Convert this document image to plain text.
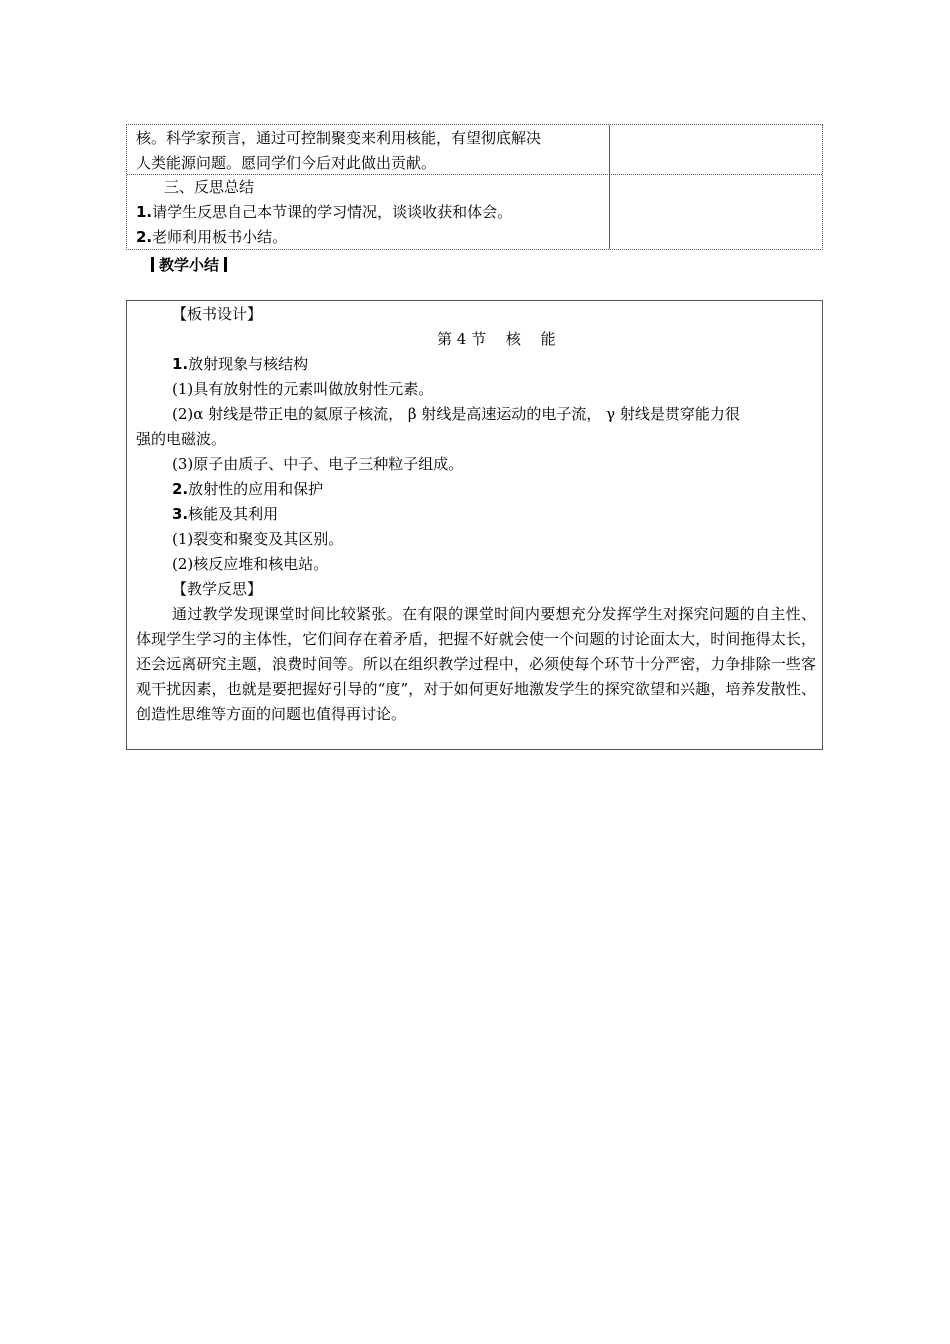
核。科学家预言，通过可控制聚变来利用核能，有望彻底解决
人类能源问题。愿同学们今后对此做出贡献。
三、反思总结
1.请学生反思自己本节课的学习情况，谈谈收获和体会。
2.老师利用板书小结。
教学小结
【板书设计】
第 4 节　 核　 能
1.放射现象与核结构
(1)具有放射性的元素叫做放射性元素。
(2)α 射线是带正电的氦原子核流， β 射线是高速运动的电子流， γ 射线是贯穿能力很
强的电磁波。
(3)原子由质子、中子、电子三种粒子组成。
2.放射性的应用和保护
3.核能及其利用
(1)裂变和聚变及其区别。
(2)核反应堆和核电站。
【教学反思】
通过教学发现课堂时间比较紧张。在有限的课堂时间内要想充分发挥学生对探究问题的自主性、体现学生学习的主体性，它们间存在着矛盾，把握不好就会使一个问题的讨论面太大，时间拖得太长，还会远离研究主题，浪费时间等。所以在组织教学过程中，必须使每个环节十分严密，力争排除一些客观干扰因素，也就是要把握好引导的“度”，对于如何更好地激发学生的探究欲望和兴趣，培养发散性、创造性思维等方面的问题也值得再讨论。
